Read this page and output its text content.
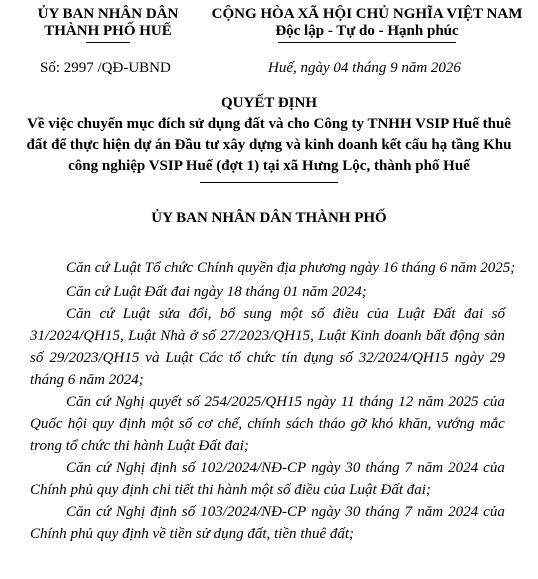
ỦY BAN NHÂN DÂN
THÀNH PHỐ HUẾ
CỘNG HÒA XÃ HỘI CHỦ NGHĨA VIỆT NAM
Độc lập - Tự do - Hạnh phúc
Số: 2997 /QĐ-UBND	Huế, ngày 04 tháng 9 năm 2026
QUYẾT ĐỊNH
Về việc chuyển mục đích sử dụng đất và cho Công ty TNHH VSIP Huế thuê
đất để thực hiện dự án Đầu tư xây dựng và kinh doanh kết cấu hạ tầng Khu
công nghiệp VSIP Huế (đợt 1) tại xã Hưng Lộc, thành phố Huế
ỦY BAN NHÂN DÂN THÀNH PHỐ
Căn cứ Luật Tổ chức Chính quyền địa phương ngày 16 tháng 6 năm 2025;
Căn cứ Luật Đất đai ngày 18 tháng 01 năm 2024;
Căn cứ Luật sửa đổi, bổ sung một số điều của Luật Đất đai số
31/2024/QH15, Luật Nhà ở số 27/2023/QH15, Luật Kinh doanh bất động sản
số 29/2023/QH15 và Luật Các tổ chức tín dụng số 32/2024/QH15 ngày 29
tháng 6 năm 2024;
Căn cứ Nghị quyết số 254/2025/QH15 ngày 11 tháng 12 năm 2025 của
Quốc hội quy định một số cơ chế, chính sách tháo gỡ khó khăn, vướng mắc
trong tổ chức thi hành Luật Đất đai;
Căn cứ Nghị định số 102/2024/NĐ-CP ngày 30 tháng 7 năm 2024 của
Chính phủ quy định chi tiết thi hành một số điều của Luật Đất đai;
Căn cứ Nghị định số 103/2024/NĐ-CP ngày 30 tháng 7 năm 2024 của
Chính phủ quy định về tiền sử dụng đất, tiền thuê đất;
